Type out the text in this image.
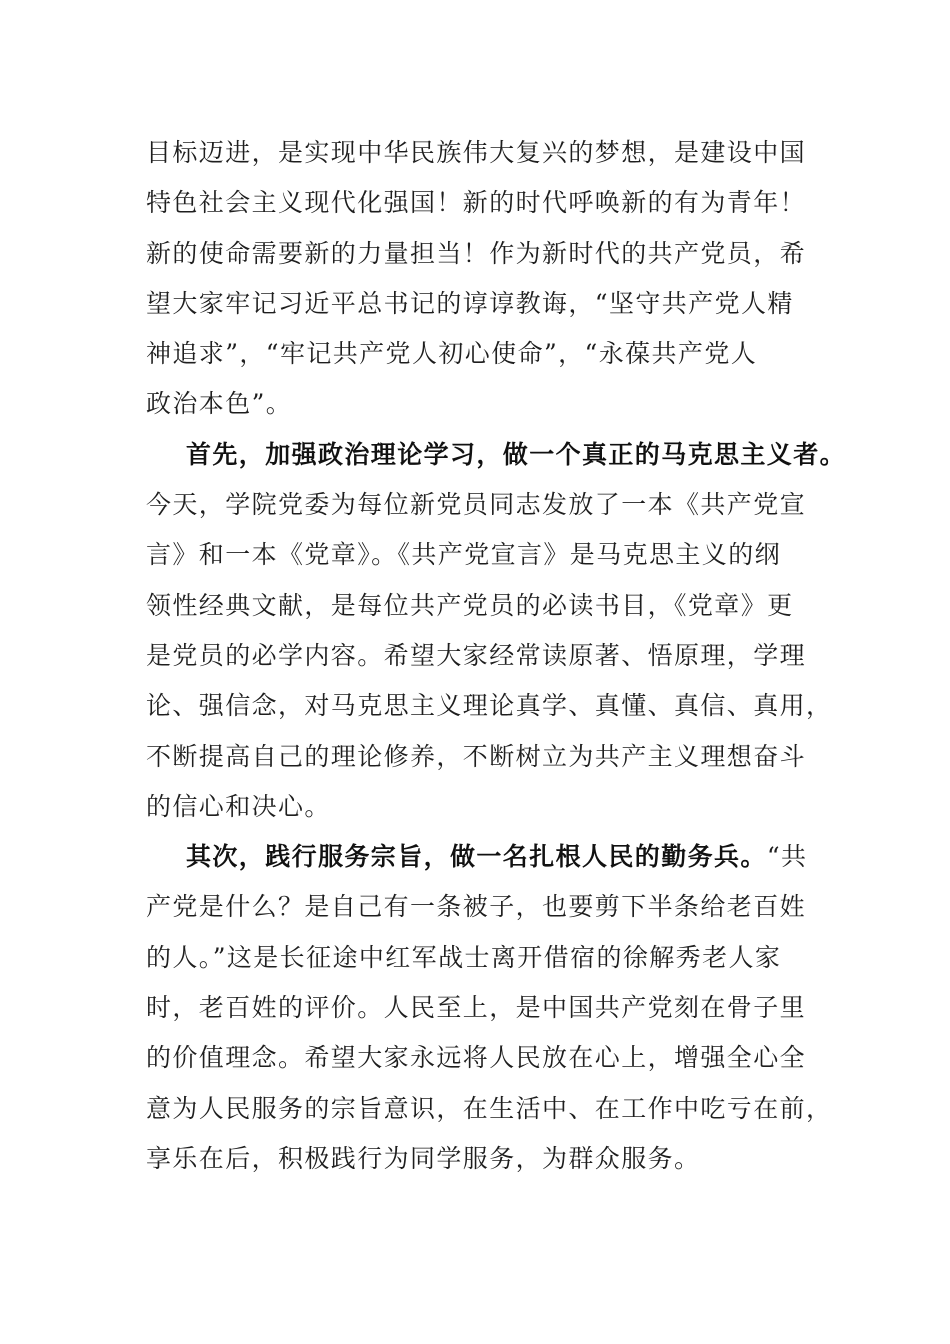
目标迈进，是实现中华民族伟大复兴的梦想，是建设中国
特色社会主义现代化强国！新的时代呼唤新的有为青年！
新的使命需要新的力量担当！作为新时代的共产党员，希
望大家牢记习近平总书记的谆谆教诲，“坚守共产党人精
神追求”，“牢记共产党人初心使命”，“永葆共产党人
政治本色”。
首先，加强政治理论学习，做一个真正的马克思主义者。
今天，学院党委为每位新党员同志发放了一本《共产党宣
言》和一本《党章》。《共产党宣言》是马克思主义的纲
领性经典文献，是每位共产党员的必读书目，《党章》更
是党员的必学内容。希望大家经常读原著、悟原理，学理
论、强信念，对马克思主义理论真学、真懂、真信、真用，
不断提高自己的理论修养，不断树立为共产主义理想奋斗
的信心和决心。
其次，践行服务宗旨，做一名扎根人民的勤务兵。“共
产党是什么？是自己有一条被子，也要剪下半条给老百姓
的人。”这是长征途中红军战士离开借宿的徐解秀老人家
时，老百姓的评价。人民至上，是中国共产党刻在骨子里
的价值理念。希望大家永远将人民放在心上，增强全心全
意为人民服务的宗旨意识，在生活中、在工作中吃亏在前，
享乐在后，积极践行为同学服务，为群众服务。
